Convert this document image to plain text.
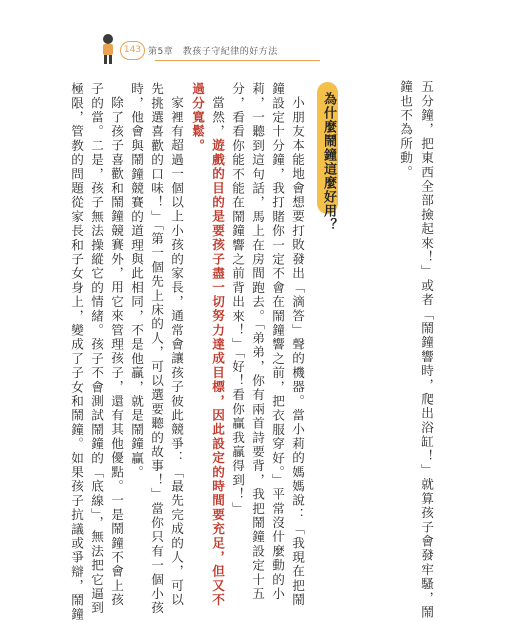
143 第5章　教孩子守紀律的好方法
為什麼鬧鐘這麼好用？	五分鐘，把東西全部撿起來！」或者「鬧鐘響時，爬出浴缸！」就算孩子會發牢騷，鬧
鐘也不為所動。
小朋友本能地會想要打敗發出「滴答」聲的機器。當小莉的媽媽說：「我現在把鬧
鐘設定十分鐘，我打賭你一定不會在鬧鐘響之前，把衣服穿好。」平常沒什麼動的小
莉，一聽到這句話，馬上在房間跑去。「弟弟，你有兩首詩要背，我把鬧鐘設定十五
分，看看你能不能在鬧鐘響之前背出來！」「好！看你贏我贏得到！」
當然，遊戲的目的是要孩子盡一切努力達成目標，因此設定的時間要充足，但又不
過分寬鬆。
家裡有超過一個以上小孩的家長，通常會讓孩子彼此競爭：「最先完成的人，可以
先挑選喜歡的口味！」「第一個先上床的人，可以選要聽的故事！」當你只有一個小孩
時，他會與鬧鐘競賽的道理與此相同，不是他贏，就是鬧鐘贏。
除了孩子喜歡和鬧鐘競賽外，用它來管理孩子，還有其他優點。一是鬧鐘不會上孩
子的當。二是，孩子無法操縱它的情緒。孩子不會測試鬧鐘的「底線」，無法把它逼到
極限，管教的問題從家長和子女身上，變成了子女和鬧鐘。如果孩子抗議或爭辯，鬧鐘
